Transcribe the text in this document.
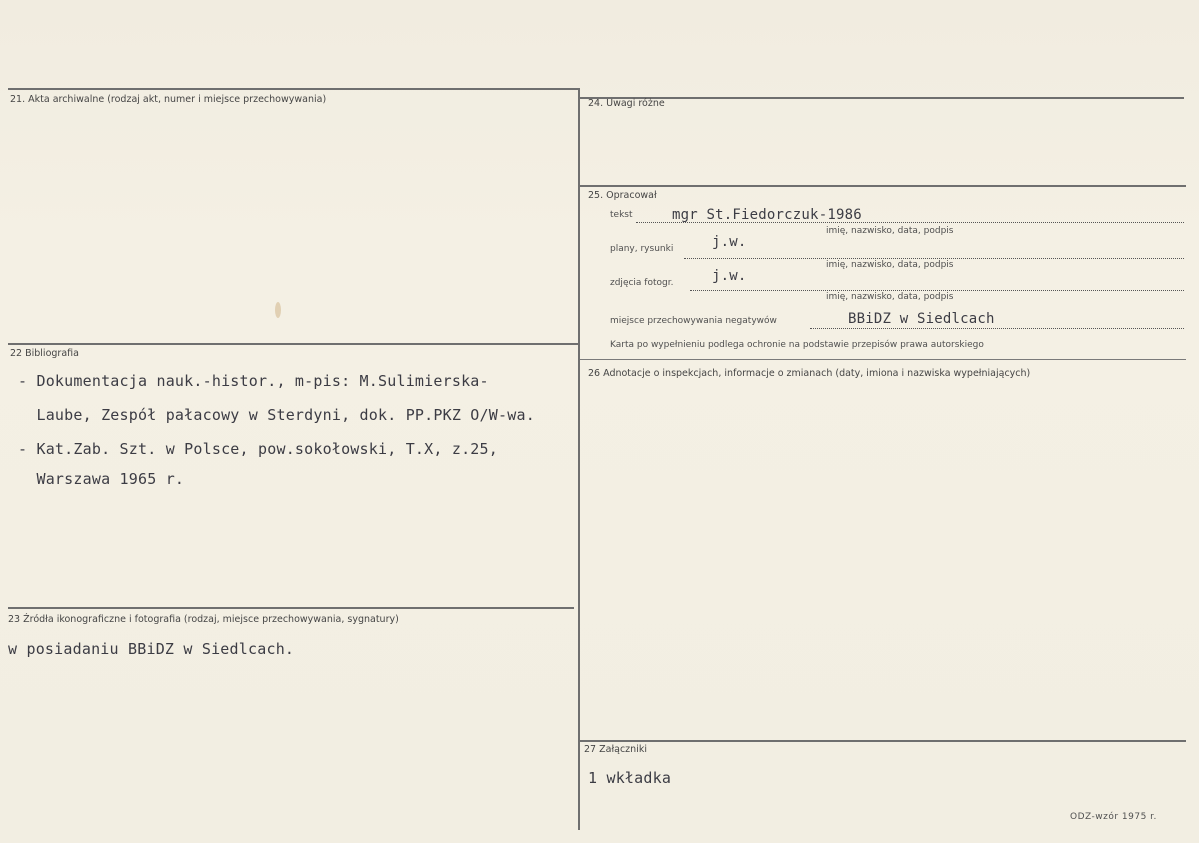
21. Akta archiwalne (rodzaj akt, numer i miejsce przechowywania)
22 Bibliografia
- Dokumentacja nauk.-histor., m-pis: M.Sulimierska-
Laube, Zespół pałacowy w Sterdyni, dok. PP.PKZ O/W-wa.
- Kat.Zab. Szt. w Polsce, pow.sokołowski, T.X, z.25,
Warszawa 1965 r.
23 Źródła ikonograficzne i fotografia (rodzaj, miejsce przechowywania, sygnatury)
w posiadaniu BBiDZ w Siedlcach.
24. Uwagi różne
25. Opracował
tekst	mgr St.Fiedorczuk-1986
imię, nazwisko, data, podpis
plany, rysunki	j.w.
imię, nazwisko, data, podpis
zdjęcia fotogr.	j.w.
imię, nazwisko, data, podpis
miejsce przechowywania negatywów	BBiDZ w Siedlcach
Karta po wypełnieniu podlega ochronie na podstawie przepisów prawa autorskiego
26 Adnotacje o inspekcjach, informacje o zmianach (daty, imiona i nazwiska wypełniających)
27 Załączniki
1 wkładka
ODZ-wzór 1975 r.
